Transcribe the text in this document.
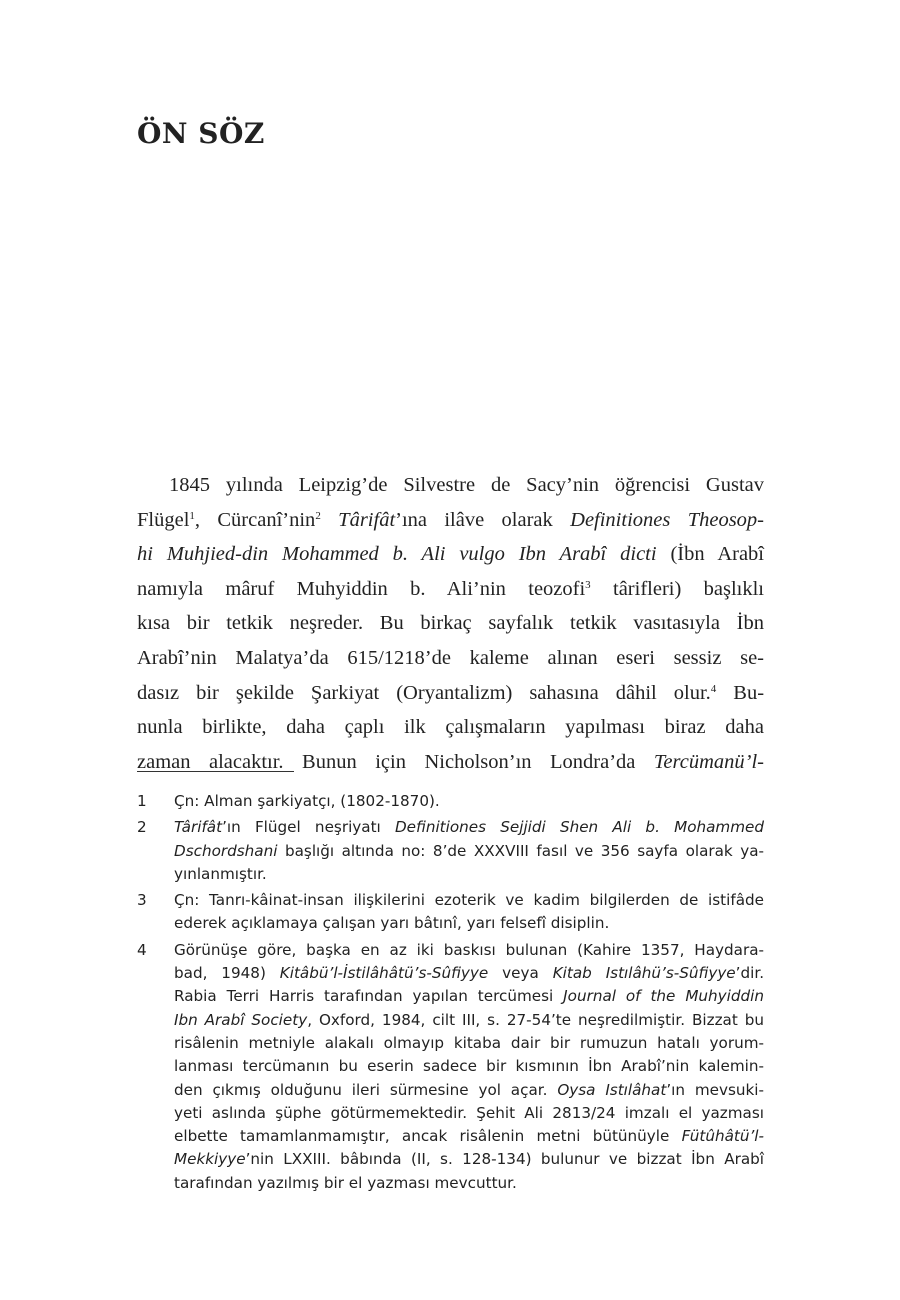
ÖN SÖZ
1845 yılında Leipzig’de Silvestre de Sacy’nin öğrencisi Gustav
Flügel$^1$, Cürcanî’nin$^2$ Târifât’ına ilâve olarak Definitiones Theosop-
hi Muhjied-din Mohammed b. Ali vulgo Ibn Arabî dicti (İbn Arabî
namıyla mâruf Muhyiddin b. Ali’nin teozofi$^3$ târifleri) başlıklı
kısa bir tetkik neşreder. Bu birkaç sayfalık tetkik vasıtasıyla İbn
Arabî’nin Malatya’da 615/1218’de kaleme alınan eseri sessiz se-
dasız bir şekilde Şarkiyat (Oryantalizm) sahasına dâhil olur.$^4$ Bu-
nunla birlikte, daha çaplı ilk çalışmaların yapılması biraz daha
zaman alacaktır. Bunun için Nicholson’ın Londra’da Tercümanü’l-
1	Çn: Alman şarkiyatçı, (1802-1870).
2	Târifât’ın Flügel neşriyatı Definitiones Sejjidi Shen Ali b. Mohammed
Dschordshani başlığı altında no: 8’de XXXVIII fasıl ve 356 sayfa olarak ya-
yınlanmıştır.
3	Çn: Tanrı-kâinat-insan ilişkilerini ezoterik ve kadim bilgilerden de istifâde
ederek açıklamaya çalışan yarı bâtınî, yarı felsefî disiplin.
4	Görünüşe göre, başka en az iki baskısı bulunan (Kahire 1357, Haydara-
bad, 1948) Kitâbü’l-İstilâhâtü’s-Sûfiyye veya Kitab Istılâhü’s-Sûfiyye’dir.
Rabia Terri Harris tarafından yapılan tercümesi Journal of the Muhyiddin
Ibn Arabî Society, Oxford, 1984, cilt III, s. 27-54’te neşredilmiştir. Bizzat bu
risâlenin metniyle alakalı olmayıp kitaba dair bir rumuzun hatalı yorum-
lanması tercümanın bu eserin sadece bir kısmının İbn Arabî’nin kalemin-
den çıkmış olduğunu ileri sürmesine yol açar. Oysa Istılâhat’ın mevsuki-
yeti aslında şüphe götürmemektedir. Şehit Ali 2813/24 imzalı el yazması
elbette tamamlanmamıştır, ancak risâlenin metni bütünüyle Fütûhâtü’l-
Mekkiyye’nin LXXIII. bâbında (II, s. 128-134) bulunur ve bizzat İbn Arabî
tarafından yazılmış bir el yazması mevcuttur.
